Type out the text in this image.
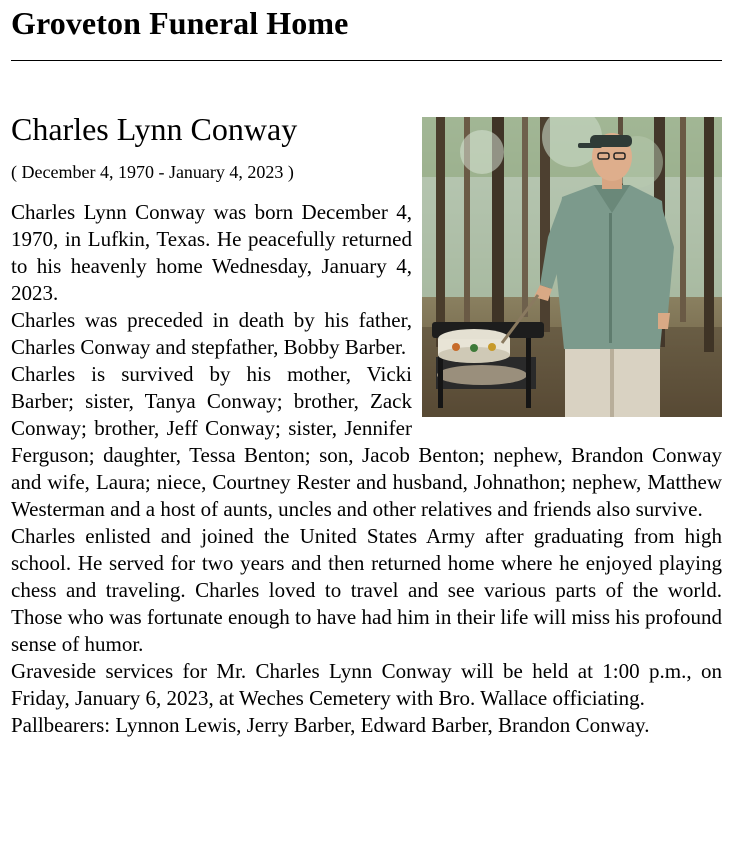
Groveton Funeral Home
Charles Lynn Conway

( December 4, 1970 - January 4, 2023 )

Charles Lynn Conway was born December 4, 1970, in Lufkin, Texas. He peacefully returned to his heavenly home Wednesday, January 4, 2023.

Charles was preceded in death by his father, Charles Conway and stepfather, Bobby Barber.

Charles is survived by his mother, Vicki Barber; sister, Tanya Conway; brother, Zack Conway; brother, Jeff Conway; sister, Jennifer Ferguson; daughter, Tessa Benton; son, Jacob Benton; nephew, Brandon Conway and wife, Laura; niece, Courtney Rester and husband, Johnathon; nephew, Matthew Westerman and a host of aunts, uncles and other relatives and friends also survive.

Charles enlisted and joined the United States Army after graduating from high school. He served for two years and then returned home where he enjoyed playing chess and traveling. Charles loved to travel and see various parts of the world. Those who was fortunate enough to have had him in their life will miss his profound sense of humor.

Graveside services for Mr. Charles Lynn Conway will be held at 1:00 p.m., on Friday, January 6, 2023, at Weches Cemetery with Bro. Wallace officiating.

Pallbearers: Lynnon Lewis, Jerry Barber, Edward Barber, Brandon Conway.
